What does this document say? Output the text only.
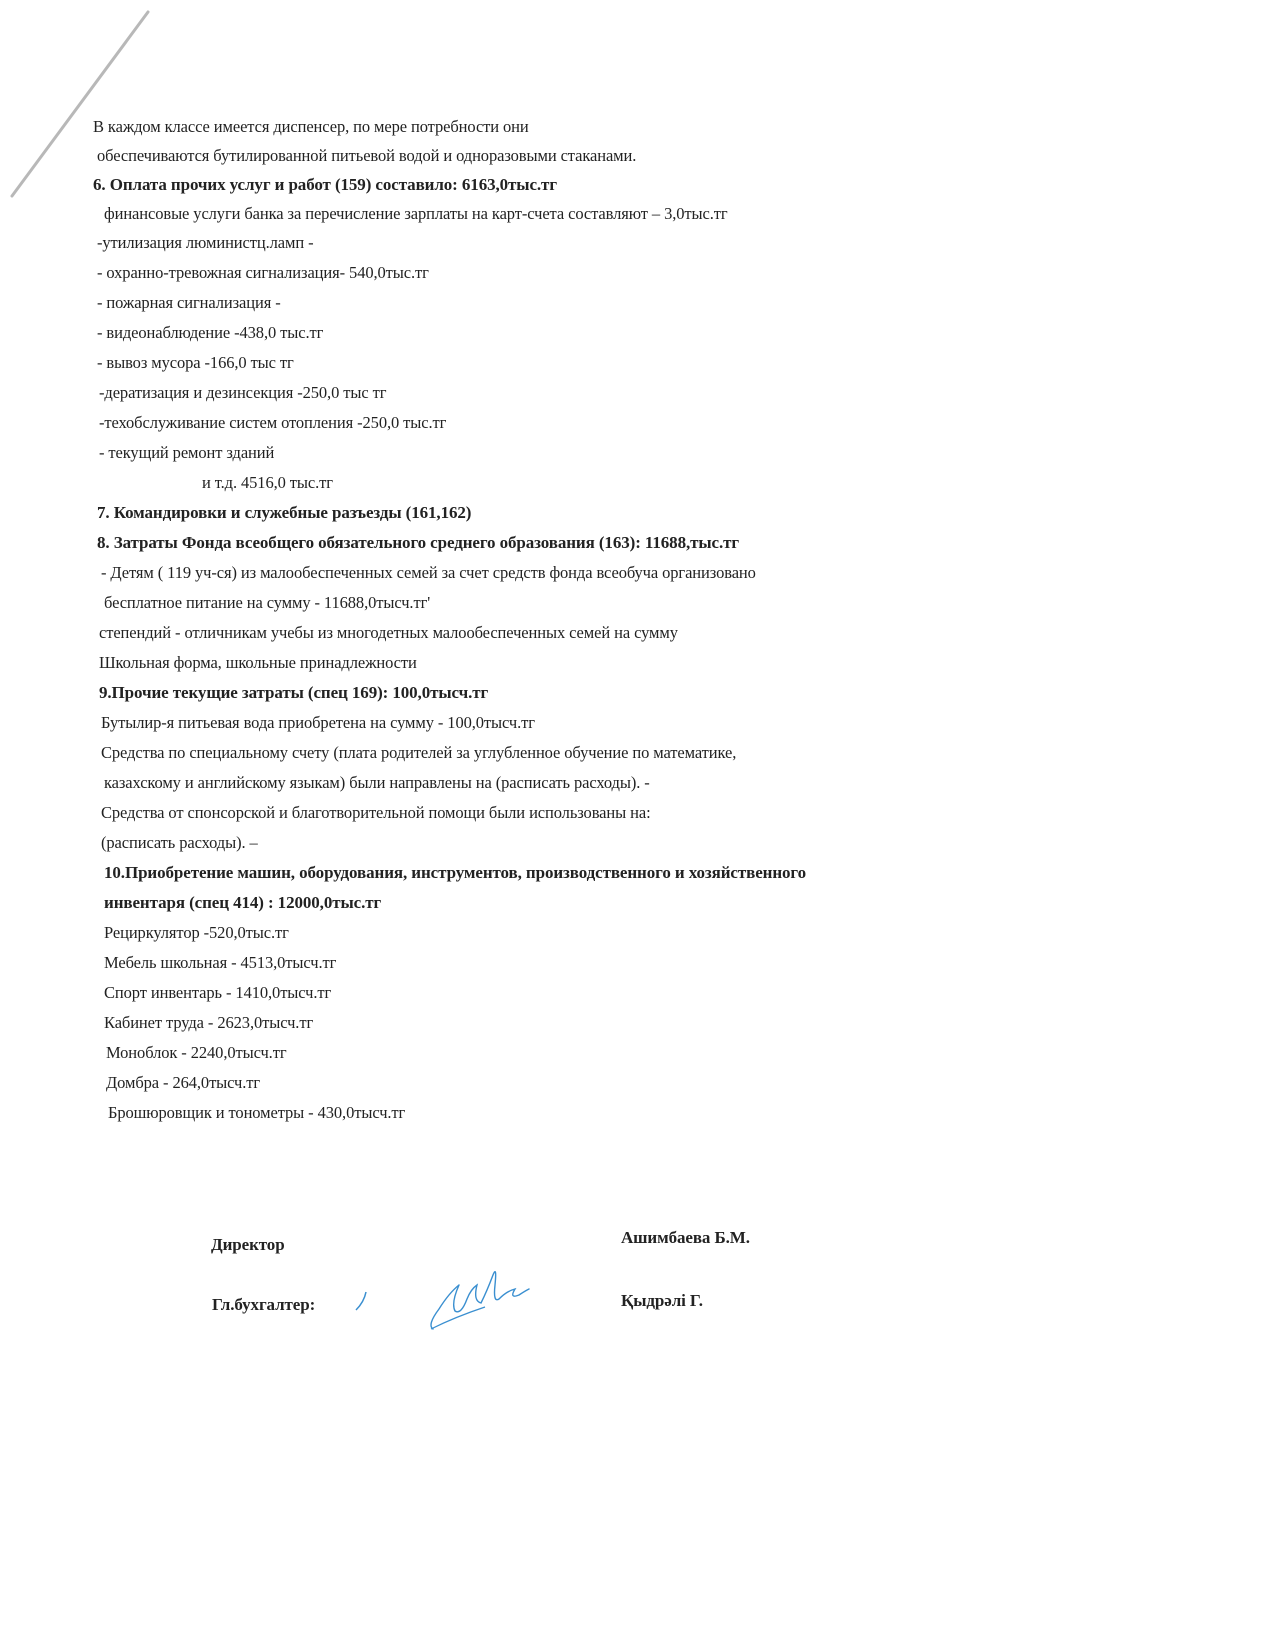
В каждом классе имеется диспенсер, по мере потребности они
обеспечиваются бутилированной питьевой водой и одноразовыми стаканами.
6. Оплата прочих услуг и работ (159) составило: 6163,0тыс.тг
финансовые услуги банка за перечисление зарплаты на карт-счета составляют – 3,0тыс.тг
-утилизация люминистц.ламп -
- охранно-тревожная сигнализация- 540,0тыс.тг
- пожарная сигнализация -
- видеонаблюдение -438,0 тыс.тг
- вывоз мусора -166,0 тыс тг
-дератизация и дезинсекция -250,0 тыс тг
-техобслуживание систем отопления -250,0 тыс.тг
- текущий ремонт зданий
и т.д. 4516,0 тыс.тг
7. Командировки и служебные разъезды (161,162)
8. Затраты Фонда всеобщего обязательного среднего образования (163): 11688,тыс.тг
- Детям ( 119 уч-ся) из малообеспеченных семей за счет средств фонда всеобуча организовано
бесплатное питание на сумму - 11688,0тысч.тг'
степендий - отличникам учебы из многодетных малообеспеченных семей на сумму
Школьная форма, школьные принадлежности
9.Прочие текущие затраты (спец 169): 100,0тысч.тг
Бутылир-я питьевая вода приобретена на сумму - 100,0тысч.тг
Средства по специальному счету (плата родителей за углубленное обучение по математике,
казахскому и английскому языкам) были направлены на (расписать расходы). -
Средства от спонсорской и благотворительной помощи были использованы на:
(расписать расходы). –
10.Приобретение машин, оборудования, инструментов, производственного и хозяйственного
инвентаря (спец 414) : 12000,0тыс.тг
Рециркулятор -520,0тыс.тг
Мебель школьная - 4513,0тысч.тг
Спорт инвентарь - 1410,0тысч.тг
Кабинет труда - 2623,0тысч.тг
Моноблок - 2240,0тысч.тг
Домбра - 264,0тысч.тг
Брошюровщик и тонометры - 430,0тысч.тг
Директор	Ашимбаева Б.М.
Гл.бухгалтер:	Қыдрәлі Г.
